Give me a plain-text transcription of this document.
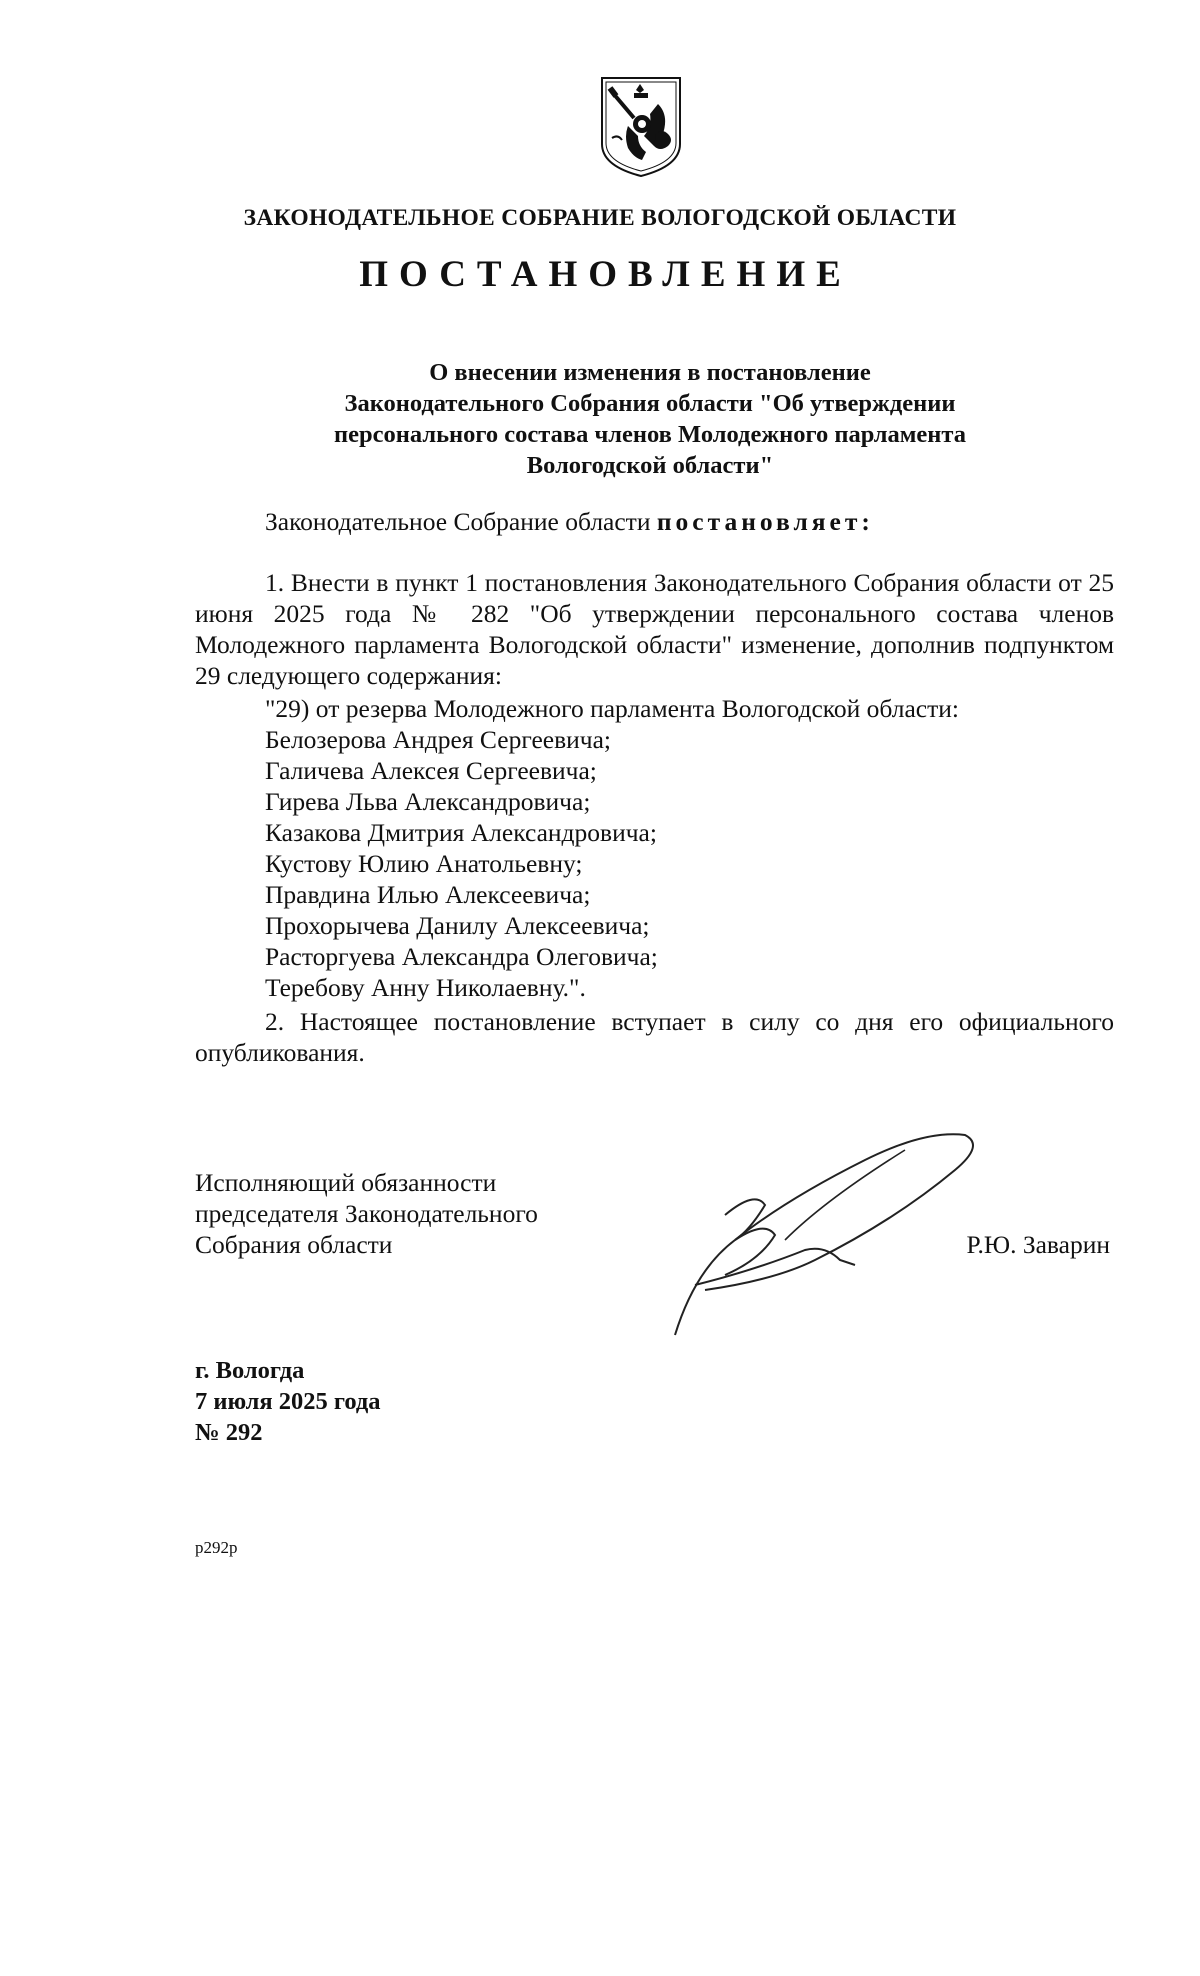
ЗАКОНОДАТЕЛЬНОЕ СОБРАНИЕ ВОЛОГОДСКОЙ ОБЛАСТИ
ПОСТАНОВЛЕНИЕ
О внесении изменения в постановление
Законодательного Собрания области "Об утверждении
персонального состава членов Молодежного парламента
Вологодской области"
Законодательное Собрание области постановляет:
1. Внести в пункт 1 постановления Законодательного Собрания области от 25 июня 2025 года № 282 "Об утверждении персонального состава членов Молодежного парламента Вологодской области" изменение, дополнив подпунктом 29 следующего содержания:
"29) от резерва Молодежного парламента Вологодской области:
Белозерова Андрея Сергеевича;
Галичева Алексея Сергеевича;
Гирева Льва Александровича;
Казакова Дмитрия Александровича;
Кустову Юлию Анатольевну;
Правдина Илью Алексеевича;
Прохорычева Данилу Алексеевича;
Расторгуева Александра Олеговича;
Теребову Анну Николаевну.".
2. Настоящее постановление вступает в силу со дня его официального опубликования.
Исполняющий обязанности
председателя Законодательного
Собрания области	Р.Ю. Заварин
г. Вологда
7 июля 2025 года
№ 292
p292p
